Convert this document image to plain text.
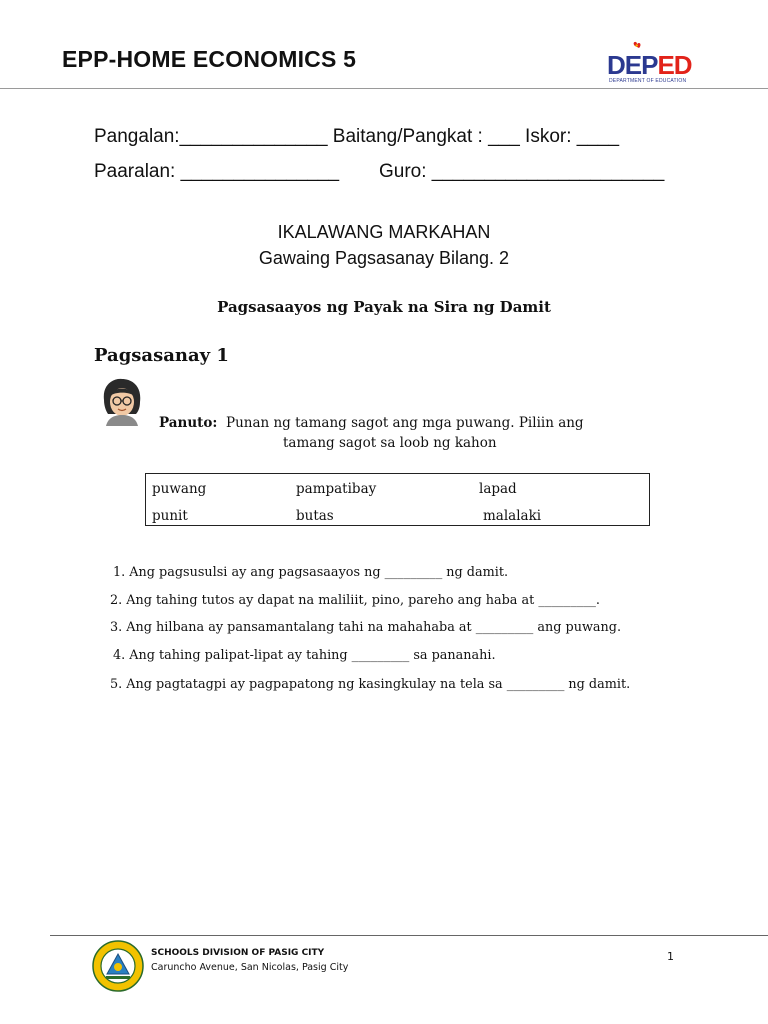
EPP-HOME ECONOMICS 5	DEPED
DEPARTMENT OF EDUCATION
Pangalan:______________ Baitang/Pangkat : ___ Iskor: ____
Paaralan: _______________ Guro: ______________________
IKALAWANG MARKAHAN
Gawaing Pagsasanay Bilang. 2
Pagsasaayos ng Payak na Sira ng Damit
Pagsasanay 1
Panuto: Punan ng tamang sagot ang mga puwang. Piliin ang
tamang sagot sa loob ng kahon
puwang	pampatibay	lapad
punit	butas	malalaki
1. Ang pagsusulsi ay ang pagsasaayos ng _________ ng damit.
2. Ang tahing tutos ay dapat na maliliit, pino, pareho ang haba at _________.
3. Ang hilbana ay pansamantalang tahi na mahahaba at _________ ang puwang.
4. Ang tahing palipat-lipat ay tahing _________ sa pananahi.
5. Ang pagtatagpi ay pagpapatong ng kasingkulay na tela sa _________ ng damit.
SCHOOLS DIVISION OF PASIG CITY
Caruncho Avenue, San Nicolas, Pasig City
1
